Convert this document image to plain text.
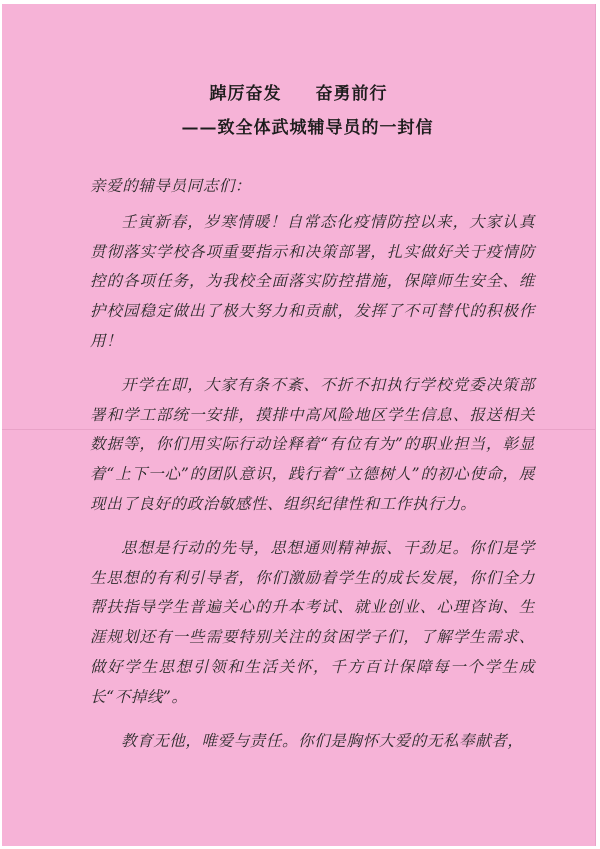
踔厉奋发 奋勇前行
——致全体武城辅导员的一封信

亲爱的辅导员同志们：

壬寅新春，岁寒情暖！自常态化疫情防控以来，大家认真贯彻落实学校各项重要指示和决策部署，扎实做好关于疫情防控的各项任务，为我校全面落实防控措施，保障师生安全、维护校园稳定做出了极大努力和贡献，发挥了不可替代的积极作用！

开学在即，大家有条不紊、不折不扣执行学校党委决策部署和学工部统一安排，摸排中高风险地区学生信息、报送相关数据等，你们用实际行动诠释着“有位有为”的职业担当，彰显着“上下一心”的团队意识，践行着“立德树人”的初心使命，展现出了良好的政治敏感性、组织纪律性和工作执行力。

思想是行动的先导，思想通则精神振、干劲足。你们是学生思想的有利引导者，你们激励着学生的成长发展，你们全力帮扶指导学生普遍关心的升本考试、就业创业、心理咨询、生涯规划还有一些需要特别关注的贫困学子们，了解学生需求、做好学生思想引领和生活关怀，千方百计保障每一个学生成长“不掉线”。

教育无他，唯爱与责任。你们是胸怀大爱的无私奉献者，
